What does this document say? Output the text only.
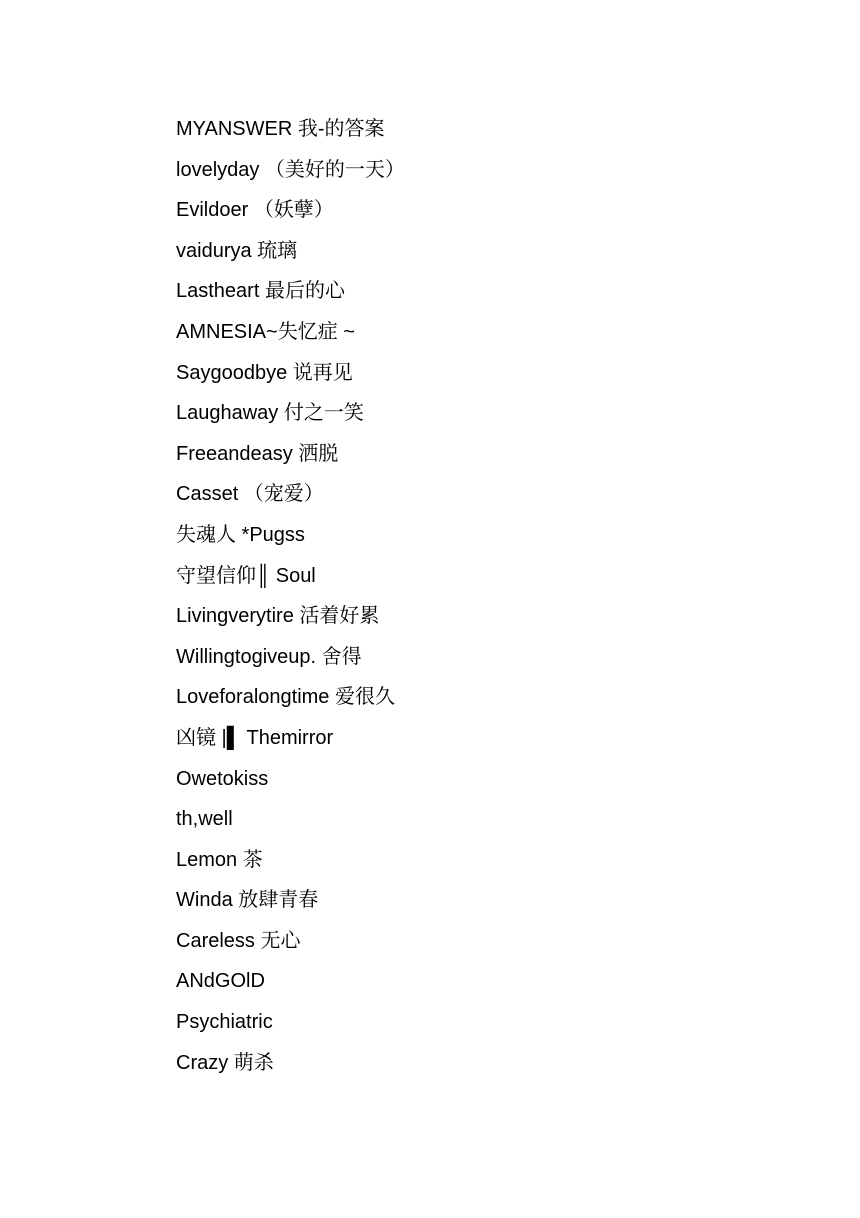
MYANSWER 我-的答案
lovelyday （美好的一天）
Evildoer （妖孽）
vaidurya 琉璃
Lastheart 最后的心
AMNESIA~失忆症 ~
Saygoodbye 说再见
Laughaway 付之一笑
Freeandeasy 洒脱
Casset （宠爱）
失魂人 *Pugss
守望信仰║ Soul
Livingverytire 活着好累
Willingtogiveup. 舍得
Loveforalongtime 爱很久
凶镜 |▌ Themirror
Owetokiss
th,well
Lemon 茶
Winda 放肆青春
Careless 无心
ANdGOlD
Psychiatric
Crazy 萌杀
